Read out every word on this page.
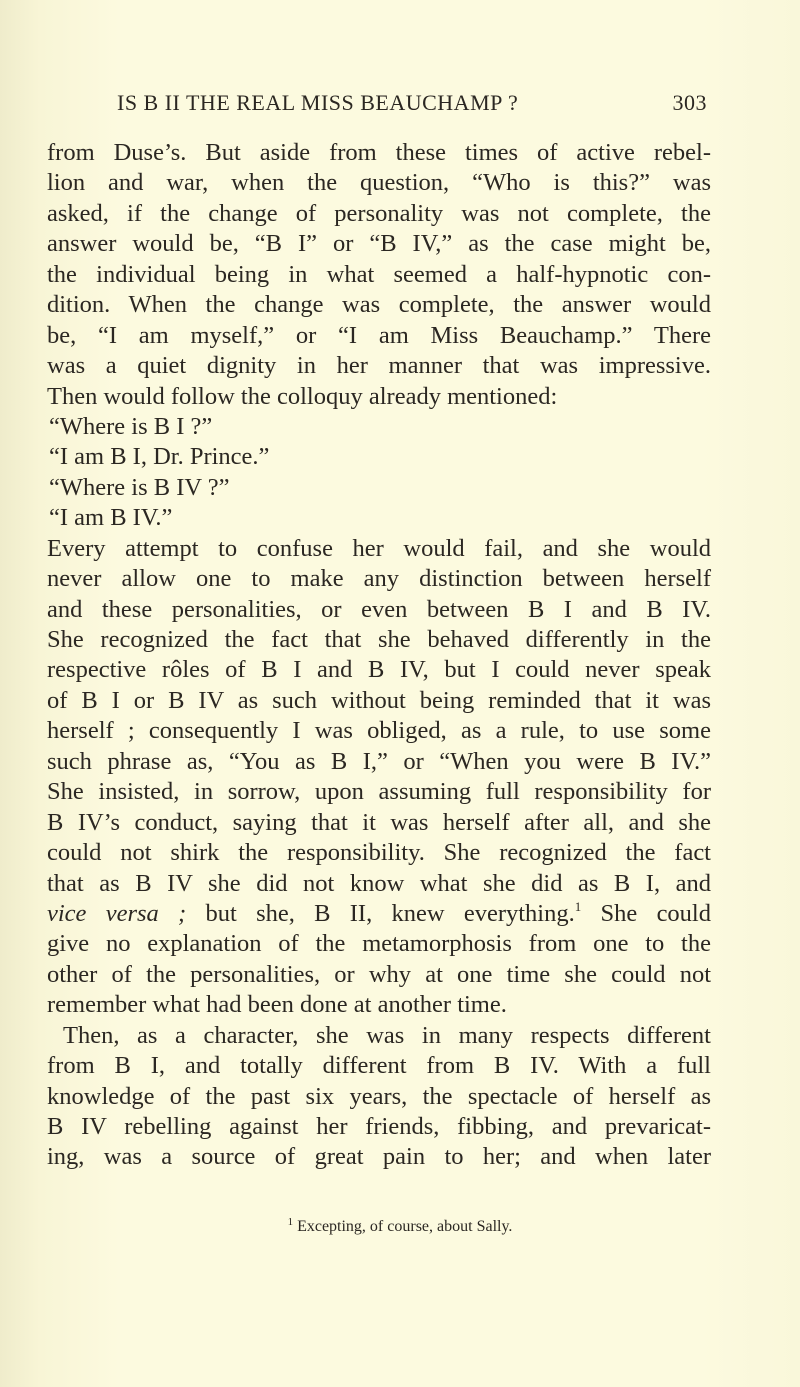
IS B II THE REAL MISS BEAUCHAMP ?	303
from Duse’s. But aside from these times of active rebel-
lion and war, when the question, “Who is this?” was
asked, if the change of personality was not complete, the
answer would be, “B I” or “B IV,” as the case might be,
the individual being in what seemed a half-hypnotic con-
dition. When the change was complete, the answer would
be, “I am myself,” or “I am Miss Beauchamp.” There
was a quiet dignity in her manner that was impressive.
Then would follow the colloquy already mentioned:
“Where is B I ?”
“I am B I, Dr. Prince.”
“Where is B IV ?”
“I am B IV.”
Every attempt to confuse her would fail, and she would
never allow one to make any distinction between herself
and these personalities, or even between B I and B IV.
She recognized the fact that she behaved differently in the
respective rôles of B I and B IV, but I could never speak
of B I or B IV as such without being reminded that it was
herself ; consequently I was obliged, as a rule, to use some
such phrase as, “You as B I,” or “When you were B IV.”
She insisted, in sorrow, upon assuming full responsibility for
B IV’s conduct, saying that it was herself after all, and she
could not shirk the responsibility. She recognized the fact
that as B IV she did not know what she did as B I, and
vice versa ; but she, B II, knew everything.$^1$ She could
give no explanation of the metamorphosis from one to the
other of the personalities, or why at one time she could not
remember what had been done at another time.
Then, as a character, she was in many respects different
from B I, and totally different from B IV. With a full
knowledge of the past six years, the spectacle of herself as
B IV rebelling against her friends, fibbing, and prevaricat-
ing, was a source of great pain to her; and when later
$^1$ Excepting, of course, about Sally.
